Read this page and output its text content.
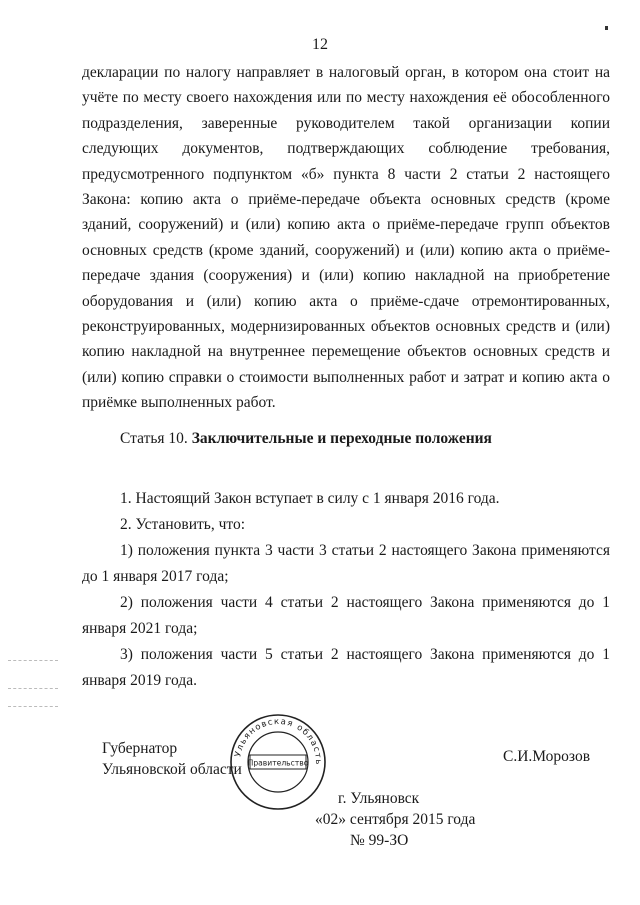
12
декларации по налогу направляет в налоговый орган, в котором она стоит на учёте по месту своего нахождения или по месту нахождения её обособленного подразделения, заверенные руководителем такой организации копии следующих документов, подтверждающих соблюдение требования, предусмотренного подпунктом «б» пункта 8 части 2 статьи 2 настоящего Закона: копию акта о приёме-передаче объекта основных средств (кроме зданий, сооружений) и (или) копию акта о приёме-передаче групп объектов основных средств (кроме зданий, сооружений) и (или) копию акта о приёме-передаче здания (сооружения) и (или) копию накладной на приобретение оборудования и (или) копию акта о приёме-сдаче отремонтированных, реконструированных, модернизированных объектов основных средств и (или) копию накладной на внутреннее перемещение объектов основных средств и (или) копию справки о стоимости выполненных работ и затрат и копию акта о приёмке выполненных работ.
Статья 10. Заключительные и переходные положения
1. Настоящий Закон вступает в силу с 1 января 2016 года.
2. Установить, что:
1) положения пункта 3 части 3 статьи 2 настоящего Закона применяются до 1 января 2017 года;
2) положения части 4 статьи 2 настоящего Закона применяются до 1 января 2021 года;
3) положения части 5 статьи 2 настоящего Закона применяются до 1 января 2019 года.
Губернатор
Ульяновской области
Ульяновская область
Правительство	С.И.Морозов
г. Ульяновск
«02» сентября 2015 года
№ 99-ЗО
